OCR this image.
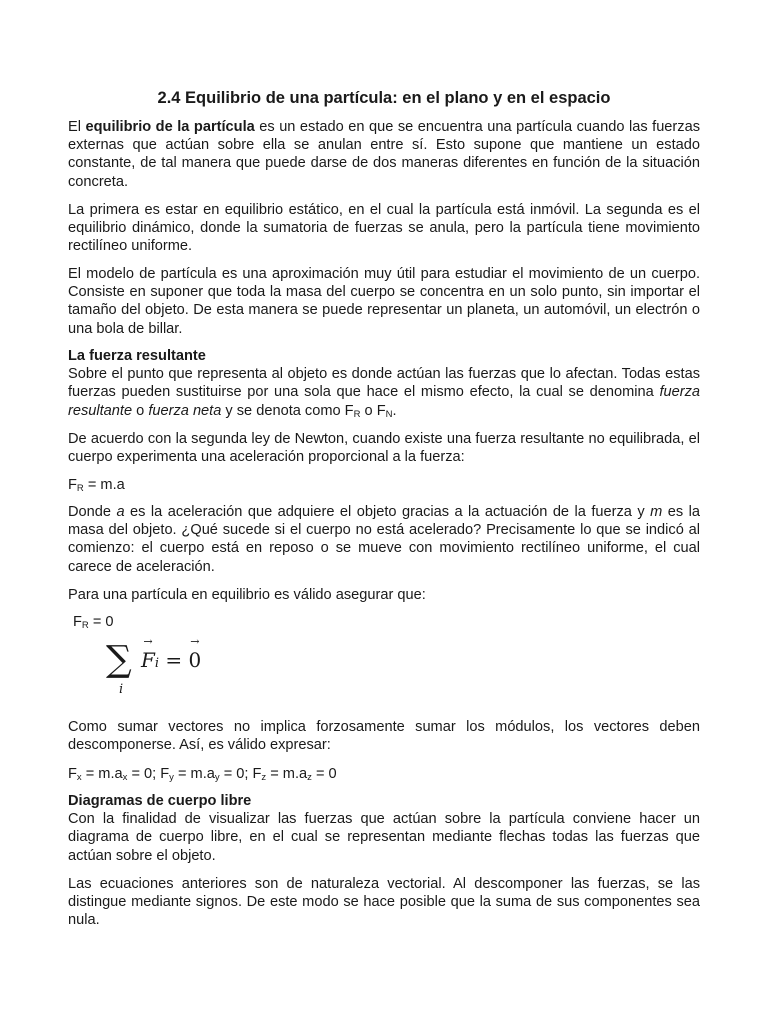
2.4 Equilibrio de una partícula: en el plano y en el espacio

El equilibrio de la partícula es un estado en que se encuentra una partícula cuando las fuerzas externas que actúan sobre ella se anulan entre sí. Esto supone que mantiene un estado constante, de tal manera que puede darse de dos maneras diferentes en función de la situación concreta.

La primera es estar en equilibrio estático, en el cual la partícula está inmóvil. La segunda es el equilibrio dinámico, donde la sumatoria de fuerzas se anula, pero la partícula tiene movimiento rectilíneo uniforme.

El modelo de partícula es una aproximación muy útil para estudiar el movimiento de un cuerpo. Consiste en suponer que toda la masa del cuerpo se concentra en un solo punto, sin importar el tamaño del objeto. De esta manera se puede representar un planeta, un automóvil, un electrón o una bola de billar.

La fuerza resultante

Sobre el punto que representa al objeto es donde actúan las fuerzas que lo afectan. Todas estas fuerzas pueden sustituirse por una sola que hace el mismo efecto, la cual se denomina fuerza resultante o fuerza neta y se denota como $F_R$ o $F_N$.

De acuerdo con la segunda ley de Newton, cuando existe una fuerza resultante no equilibrada, el cuerpo experimenta una aceleración proporcional a la fuerza:

$F_R = m.a$

Donde a es la aceleración que adquiere el objeto gracias a la actuación de la fuerza y m es la masa del objeto. ¿Qué sucede si el cuerpo no está acelerado? Precisamente lo que se indicó al comienzo: el cuerpo está en reposo o se mueve con movimiento rectilíneo uniforme, el cual carece de aceleración.

Para una partícula en equilibrio es válido asegurar que:

$F_R = 0$

∑
i
→ Fi = → 0

Como sumar vectores no implica forzosamente sumar los módulos, los vectores deben descomponerse. Así, es válido expresar:

$F_x = m.a_x = 0$; $F_y = m.a_y = 0$; $F_z = m.a_z = 0$

Diagramas de cuerpo libre

Con la finalidad de visualizar las fuerzas que actúan sobre la partícula conviene hacer un diagrama de cuerpo libre, en el cual se representan mediante flechas todas las fuerzas que actúan sobre el objeto.

Las ecuaciones anteriores son de naturaleza vectorial. Al descomponer las fuerzas, se las distingue mediante signos. De este modo se hace posible que la suma de sus componentes sea nula.
